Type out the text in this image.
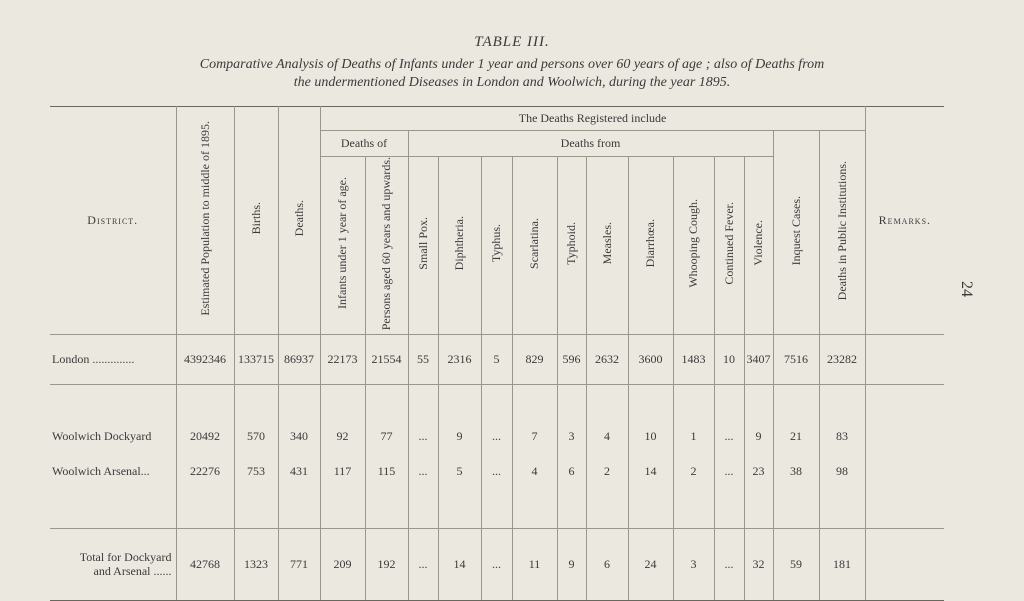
TABLE III.
Comparative Analysis of Deaths of Infants under 1 year and persons over 60 years of age ; also of Deaths from
the undermentioned Diseases in London and Woolwich, during the year 1895.
24
District.	Estimated Population to middle of 1895.	Births.	Deaths.	The Deaths Registered include														Remarks.
				Deaths of		Deaths from										Inquest Cases.	Deaths in Public Institutions.	

				Infants under 1 year of age.	Persons aged 60 years and upwards.	Small Pox.	Diphtheria.	Typhus.	Scarlatina.	Typhoid.	Measles.	Diarrhœa.	Whooping Cough.	Continued Fever.	Violence.			
London ..............	4392346	133715	86937	22173	21554	55	2316	5	829	596	2632	3600	1483	10	3407	7516	23282	
Woolwich Dockyard	20492	570	340	92	77	...	9	...	7	3	4	10	1	...	9	21	83	
Woolwich Arsenal...	22276	753	431	117	115	...	5	...	4	6	2	14	2	...	23	38	98	

Total for Dockyard
and Arsenal ......	42768	1323	771	209	192	...	14	...	11	9	6	24	3	...	32	59	181	
